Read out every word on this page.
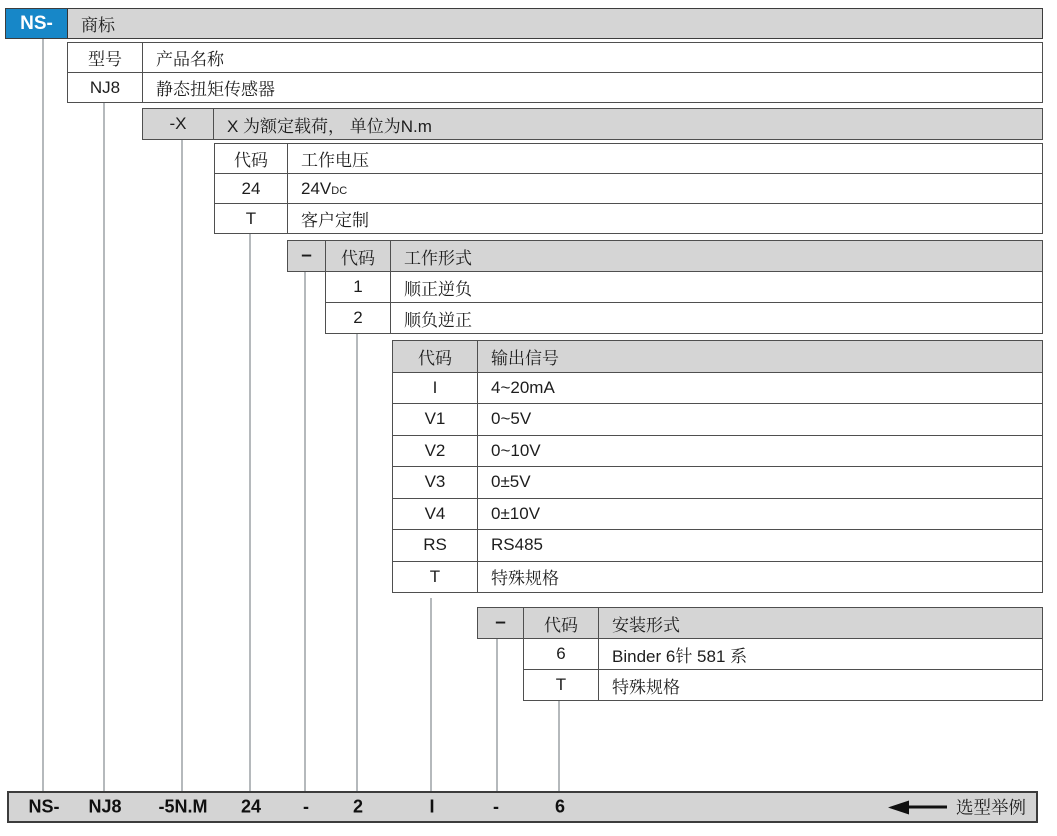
NS-	商标
型号	产品名称
NJ8	静态扭矩传感器
-X	X 为额定载荷， 单位为N.m
代码	工作电压
24	24VDC
T	客户定制
–	代码	工作形式
1	顺正逆负
2	顺负逆正
代码	输出信号
I	4~20mA
V1	0~5V
V2	0~10V
V3	0±5V
V4	0±10V
RS	RS485
T	特殊规格
–	代码	安装形式
6	Binder 6针 581 系
T	特殊规格
NS- NJ8 -5N.M 24 - 2	I	-	6	选型举例
